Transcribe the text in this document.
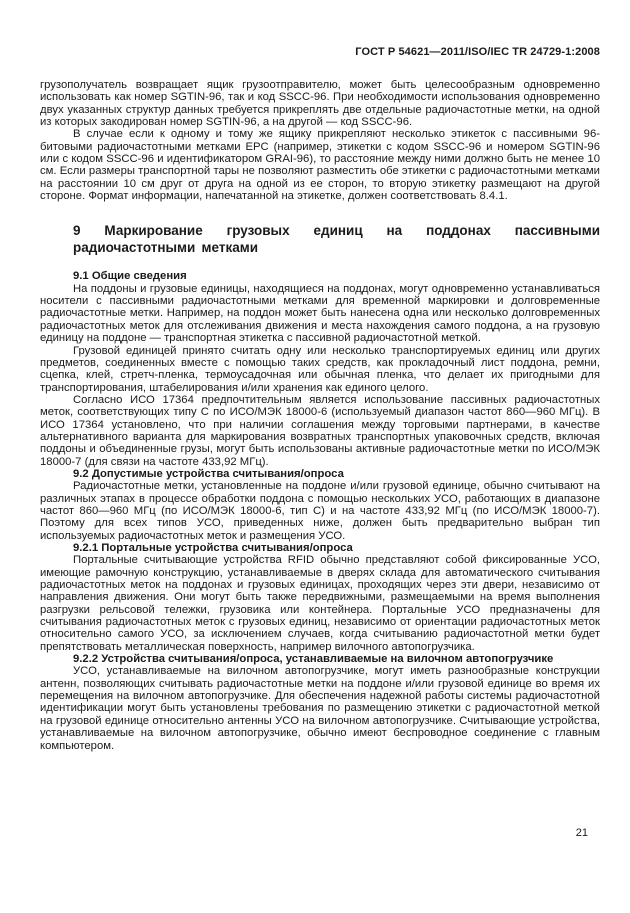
ГОСТ Р 54621—2011/ISO/IEC TR 24729-1:2008
грузополучатель возвращает ящик грузоотправителю, может быть целесообразным одновременно использовать как номер SGTIN-96, так и код SSCC-96. При необходимости использования одновременно двух указанных структур данных требуется прикреплять две отдельные радиочастотные метки, на одной из которых закодирован номер SGTIN-96, а на другой — код SSCC-96.
В случае если к одному и тому же ящику прикрепляют несколько этикеток с пассивными 96-битовыми радиочастотными метками EPC (например, этикетки с кодом SSCC-96 и номером SGTIN-96 или с кодом SSCC-96 и идентификатором GRAI-96), то расстояние между ними должно быть не менее 10 см. Если размеры транспортной тары не позволяют разместить обе этикетки с радиочастотными метками на расстоянии 10 см друг от друга на одной из ее сторон, то вторую этикетку размещают на другой стороне. Формат информации, напечатанной на этикетке, должен соответствовать 8.4.1.
9 Маркирование грузовых единиц на поддонах пассивными радиочастотными метками
9.1 Общие сведения
На поддоны и грузовые единицы, находящиеся на поддонах, могут одновременно устанавливаться носители с пассивными радиочастотными метками для временной маркировки и долговременные радиочастотные метки. Например, на поддон может быть нанесена одна или несколько долговременных радиочастотных меток для отслеживания движения и места нахождения самого поддона, а на грузовую единицу на поддоне — транспортная этикетка с пассивной радиочастотной меткой.
Грузовой единицей принято считать одну или несколько транспортируемых единиц или других предметов, соединенных вместе с помощью таких средств, как прокладочный лист поддона, ремни, сцепка, клей, стретч-пленка, термоусадочная или обычная пленка, что делает их пригодными для транспортирования, штабелирования и/или хранения как единого целого.
Согласно ИСО 17364 предпочтительным является использование пассивных радиочастотных меток, соответствующих типу С по ИСО/МЭК 18000-6 (используемый диапазон частот 860—960 МГц). В ИСО 17364 установлено, что при наличии соглашения между торговыми партнерами, в качестве альтернативного варианта для маркирования возвратных транспортных упаковочных средств, включая поддоны и объединенные грузы, могут быть использованы активные радиочастотные метки по ИСО/МЭК 18000-7 (для связи на частоте 433,92 МГц).
9.2 Допустимые устройства считывания/опроса
Радиочастотные метки, установленные на поддоне и/или грузовой единице, обычно считывают на различных этапах в процессе обработки поддона с помощью нескольких УСО, работающих в диапазоне частот 860—960 МГц (по ИСО/МЭК 18000-6, тип С) и на частоте 433,92 МГц (по ИСО/МЭК 18000-7). Поэтому для всех типов УСО, приведенных ниже, должен быть предварительно выбран тип используемых радиочастотных меток и размещения УСО.
9.2.1 Портальные устройства считывания/опроса
Портальные считывающие устройства RFID обычно представляют собой фиксированные УСО, имеющие рамочную конструкцию, устанавливаемые в дверях склада для автоматического считывания радиочастотных меток на поддонах и грузовых единицах, проходящих через эти двери, независимо от направления движения. Они могут быть также передвижными, размещаемыми на время выполнения разгрузки рельсовой тележки, грузовика или контейнера. Портальные УСО предназначены для считывания радиочастотных меток с грузовых единиц, независимо от ориентации радиочастотных меток относительно самого УСО, за исключением случаев, когда считыванию радиочастотной метки будет препятствовать металлическая поверхность, например вилочного автопогрузчика.
9.2.2 Устройства считывания/опроса, устанавливаемые на вилочном автопогрузчике
УСО, устанавливаемые на вилочном автопогрузчике, могут иметь разнообразные конструкции антенн, позволяющих считывать радиочастотные метки на поддоне и/или грузовой единице во время их перемещения на вилочном автопогрузчике. Для обеспечения надежной работы системы радиочастотной идентификации могут быть установлены требования по размещению этикетки с радиочастотной меткой на грузовой единице относительно антенны УСО на вилочном автопогрузчике. Считывающие устройства, устанавливаемые на вилочном автопогрузчике, обычно имеют беспроводное соединение с главным компьютером.
21
